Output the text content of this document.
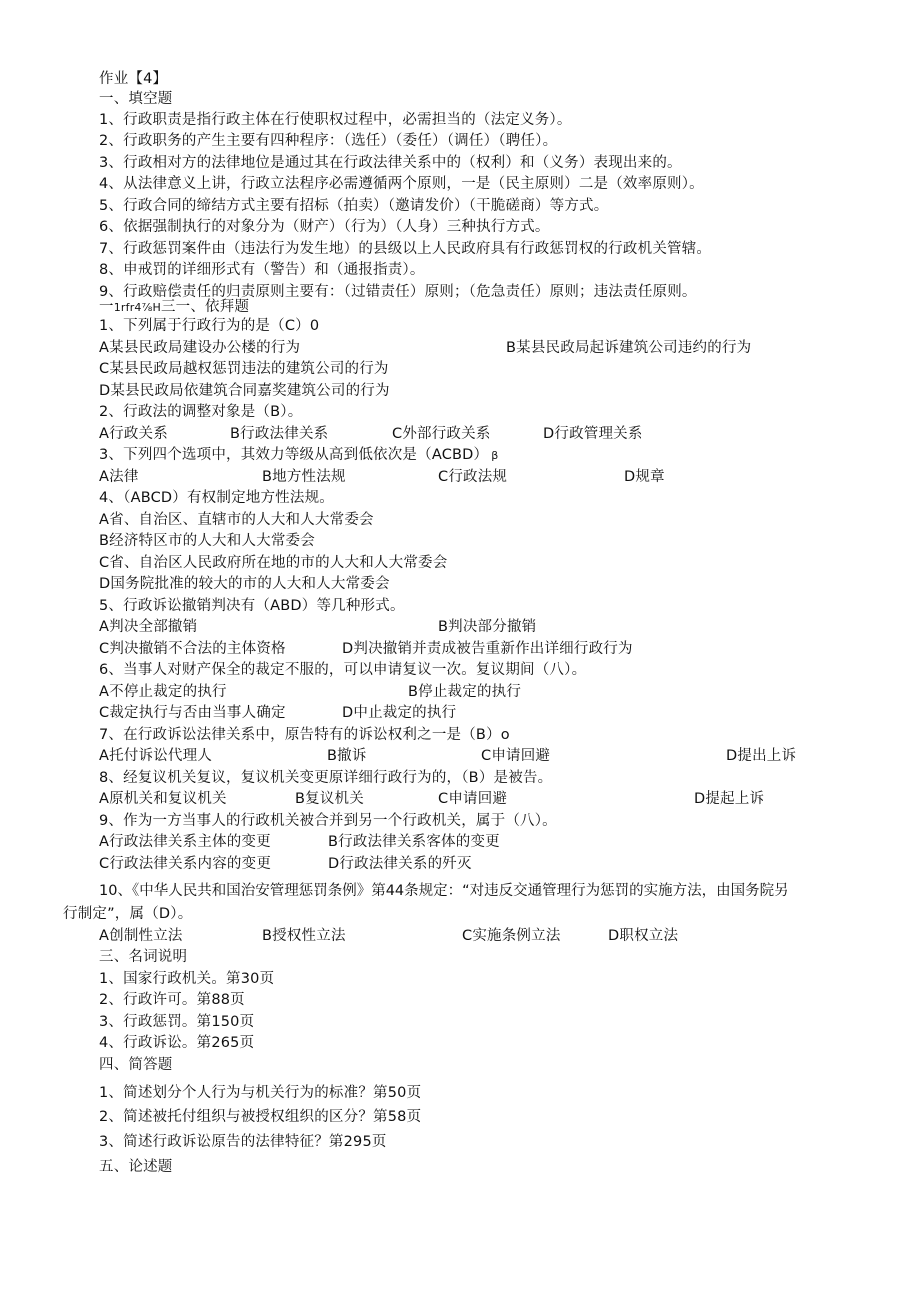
作业【4】
一、填空题
1、行政职责是指行政主体在行使职权过程中，必需担当的（法定义务）。
2、行政职务的产生主要有四种程序：（选任）（委任）（调任）（聘任）。
3、行政相对方的法律地位是通过其在行政法律关系中的（权利）和（义务）表现出来的。
4、从法律意义上讲，行政立法程序必需遵循两个原则，一是（民主原则）二是（效率原则）。
5、行政合同的缔结方式主要有招标（拍卖）（邀请发价）（干脆磋商）等方式。
6、依据强制执行的对象分为（财产）（行为）（人身）三种执行方式。
7、行政惩罚案件由（违法行为发生地）的县级以上人民政府具有行政惩罚权的行政机关管辖。
8、申戒罚的详细形式有（警告）和（通报指责）。
9、行政赔偿责任的归责原则主要有：（过错责任）原则；（危急责任）原则；违法责任原则。
一1rfr4⅞H三一、依拜题
1、下列属于行政行为的是（C）0
A某县民政局建设办公楼的行为	B某县民政局起诉建筑公司违约的行为
C某县民政局越权惩罚违法的建筑公司的行为
D某县民政局依建筑合同嘉奖建筑公司的行为
2、行政法的调整对象是（B）。
A行政关系	B行政法律关系	C外部行政关系	D行政管理关系
3、下列四个选项中，其效力等级从高到低依次是（ACBD） β
A法律	B地方性法规	C行政法规	D规章
4、（ABCD）有权制定地方性法规。
A省、自治区、直辖市的人大和人大常委会
B经济特区市的人大和人大常委会
C省、自治区人民政府所在地的市的人大和人大常委会
D国务院批准的较大的市的人大和人大常委会
5、行政诉讼撤销判决有（ABD）等几种形式。
A判决全部撤销	B判决部分撤销
C判决撤销不合法的主体资格	D判决撤销并责成被告重新作出详细行政行为
6、当事人对财产保全的裁定不服的，可以申请复议一次。复议期间（八）。
A不停止裁定的执行	B停止裁定的执行
C裁定执行与否由当事人确定	D中止裁定的执行
7、在行政诉讼法律关系中，原告特有的诉讼权利之一是（B）o
A托付诉讼代理人	B撤诉	C申请回避	D提出上诉
8、经复议机关复议，复议机关变更原详细行政行为的，（B）是被告。
A原机关和复议机关	B复议机关	C申请回避	D提起上诉
9、作为一方当事人的行政机关被合并到另一个行政机关，属于（八）。
A行政法律关系主体的变更	B行政法律关系客体的变更
C行政法律关系内容的变更	D行政法律关系的歼灭
10、《中华人民共和国治安管理惩罚条例》第44条规定：“对违反交通管理行为惩罚的实施方法，由国务院另
行制定”，属（D）。
A创制性立法	B授权性立法	C实施条例立法	D职权立法
三、名词说明
1、国家行政机关。第30页
2、行政许可。第88页
3、行政惩罚。第150页
4、行政诉讼。第265页
四、简答题
1、简述划分个人行为与机关行为的标准？第50页
2、简述被托付组织与被授权组织的区分？第58页
3、简述行政诉讼原告的法律特征？第295页
五、论述题
